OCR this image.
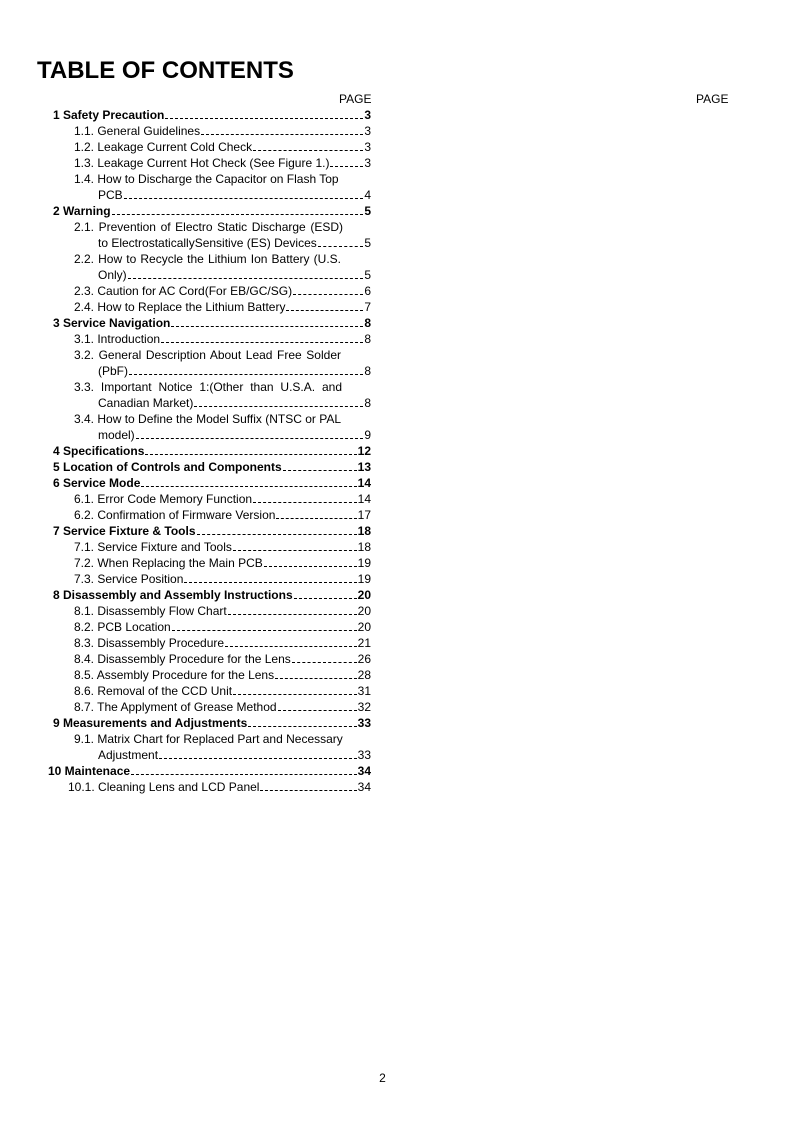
TABLE OF CONTENTS
PAGE	PAGE
1 Safety Precaution	3
1.1. General Guidelines	3
1.2. Leakage Current Cold Check	3
1.3. Leakage Current Hot Check (See Figure 1.)	3
1.4. How to Discharge the Capacitor on Flash Top
PCB	4
2 Warning	5
2.1. Prevention of Electro Static Discharge (ESD)
to ElectrostaticallySensitive (ES) Devices	5
2.2. How to Recycle the Lithium Ion Battery (U.S.
Only)	5
2.3. Caution for AC Cord(For EB/GC/SG)	6
2.4. How to Replace the Lithium Battery	7
3 Service Navigation	8
3.1. Introduction	8
3.2. General Description About Lead Free Solder
(PbF)	8
3.3. Important Notice 1:(Other than U.S.A. and
Canadian Market)	8
3.4. How to Define the Model Suffix (NTSC or PAL
model)	9
4 Specifications	12
5 Location of Controls and Components	13
6 Service Mode	14
6.1. Error Code Memory Function	14
6.2. Confirmation of Firmware Version	17
7 Service Fixture & Tools	18
7.1. Service Fixture and Tools	18
7.2. When Replacing the Main PCB	19
7.3. Service Position	19
8 Disassembly and Assembly Instructions	20
8.1. Disassembly Flow Chart	20
8.2. PCB Location	20
8.3. Disassembly Procedure	21
8.4. Disassembly Procedure for the Lens	26
8.5. Assembly Procedure for the Lens	28
8.6. Removal of the CCD Unit	31
8.7. The Applyment of Grease Method	32
9 Measurements and Adjustments	33
9.1. Matrix Chart for Replaced Part and Necessary
Adjustment	33
10 Maintenace	34
10.1. Cleaning Lens and LCD Panel	34
2
